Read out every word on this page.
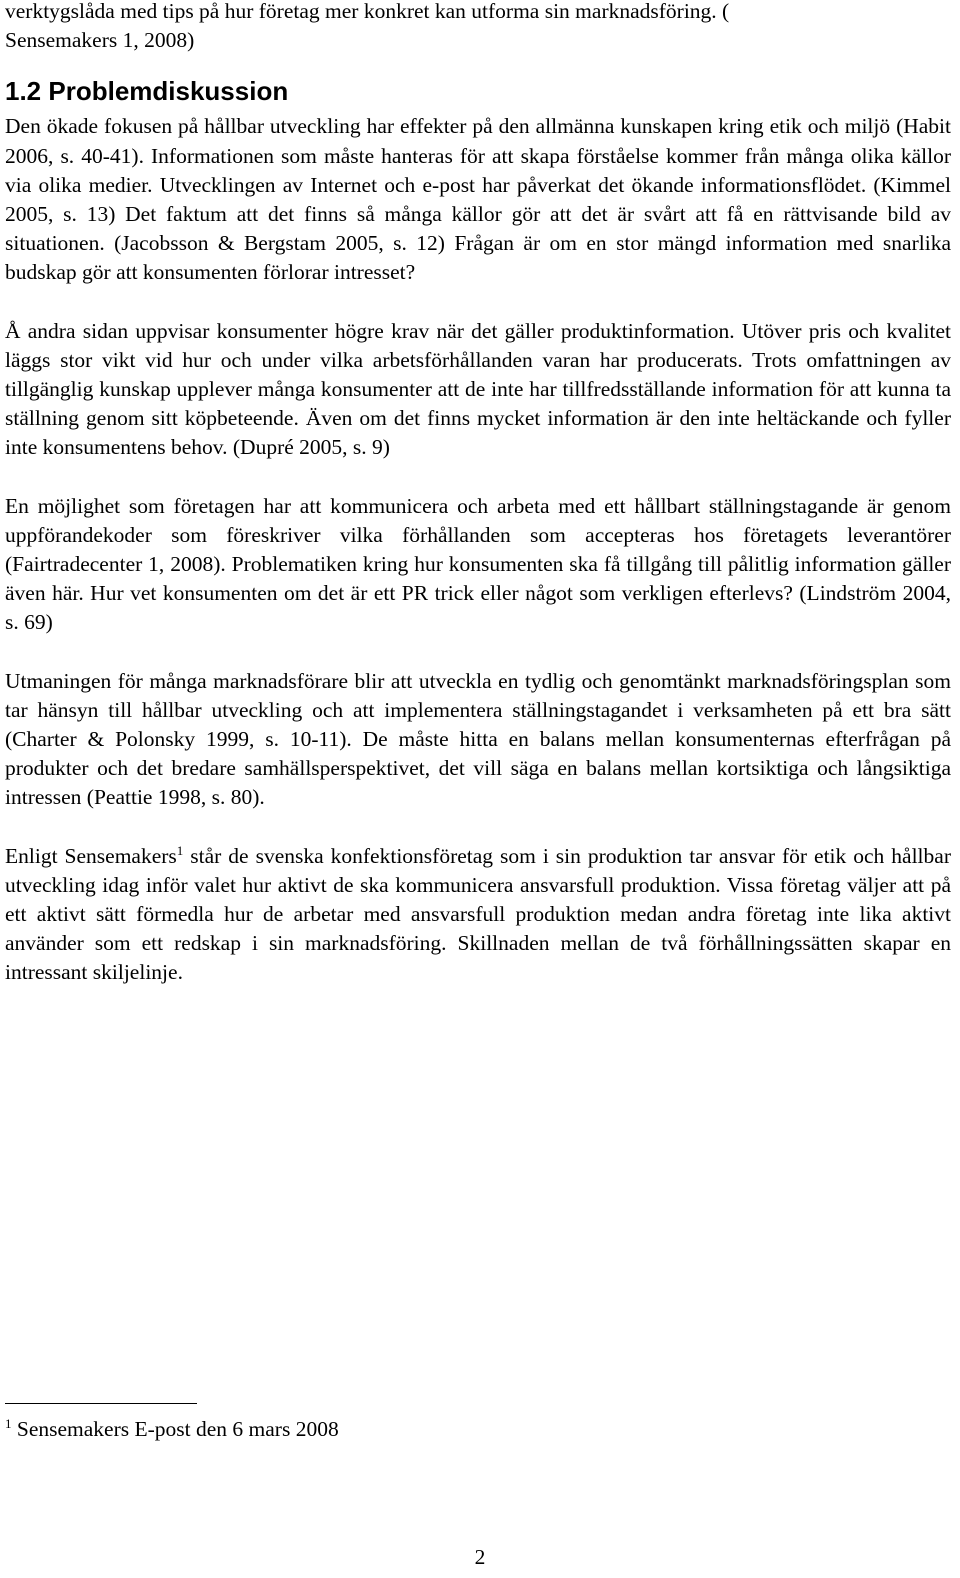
verktygslåda med tips på hur företag mer konkret kan utforma sin marknadsföring. (
Sensemakers 1, 2008)

1.2 Problemdiskussion

Den ökade fokusen på hållbar utveckling har effekter på den allmänna kunskapen kring etik och miljö (Habit 2006, s. 40-41). Informationen som måste hanteras för att skapa förståelse kommer från många olika källor via olika medier. Utvecklingen av Internet och e-post har påverkat det ökande informationsflödet. (Kimmel 2005, s. 13) Det faktum att det finns så många källor gör att det är svårt att få en rättvisande bild av situationen. (Jacobsson & Bergstam 2005, s. 12) Frågan är om en stor mängd information med snarlika budskap gör att konsumenten förlorar intresset?

Å andra sidan uppvisar konsumenter högre krav när det gäller produktinformation. Utöver pris och kvalitet läggs stor vikt vid hur och under vilka arbetsförhållanden varan har producerats. Trots omfattningen av tillgänglig kunskap upplever många konsumenter att de inte har tillfredsställande information för att kunna ta ställning genom sitt köpbeteende. Även om det finns mycket information är den inte heltäckande och fyller inte konsumentens behov. (Dupré 2005, s. 9)

En möjlighet som företagen har att kommunicera och arbeta med ett hållbart ställningstagande är genom uppförandekoder som föreskriver vilka förhållanden som accepteras hos företagets leverantörer (Fairtradecenter 1, 2008). Problematiken kring hur konsumenten ska få tillgång till pålitlig information gäller även här. Hur vet konsumenten om det är ett PR trick eller något som verkligen efterlevs? (Lindström 2004, s. 69)

Utmaningen för många marknadsförare blir att utveckla en tydlig och genomtänkt marknadsföringsplan som tar hänsyn till hållbar utveckling och att implementera ställningstagandet i verksamheten på ett bra sätt (Charter & Polonsky 1999, s. 10-11). De måste hitta en balans mellan konsumenternas efterfrågan på produkter och det bredare samhällsperspektivet, det vill säga en balans mellan kortsiktiga och långsiktiga intressen (Peattie 1998, s. 80).

Enligt Sensemakers$^1$ står de svenska konfektionsföretag som i sin produktion tar ansvar för etik och hållbar utveckling idag inför valet hur aktivt de ska kommunicera ansvarsfull produktion. Vissa företag väljer att på ett aktivt sätt förmedla hur de arbetar med ansvarsfull produktion medan andra företag inte lika aktivt använder som ett redskap i sin marknadsföring. Skillnaden mellan de två förhållningssätten skapar en intressant skiljelinje.

$^1$ Sensemakers E-post den 6 mars 2008
2
